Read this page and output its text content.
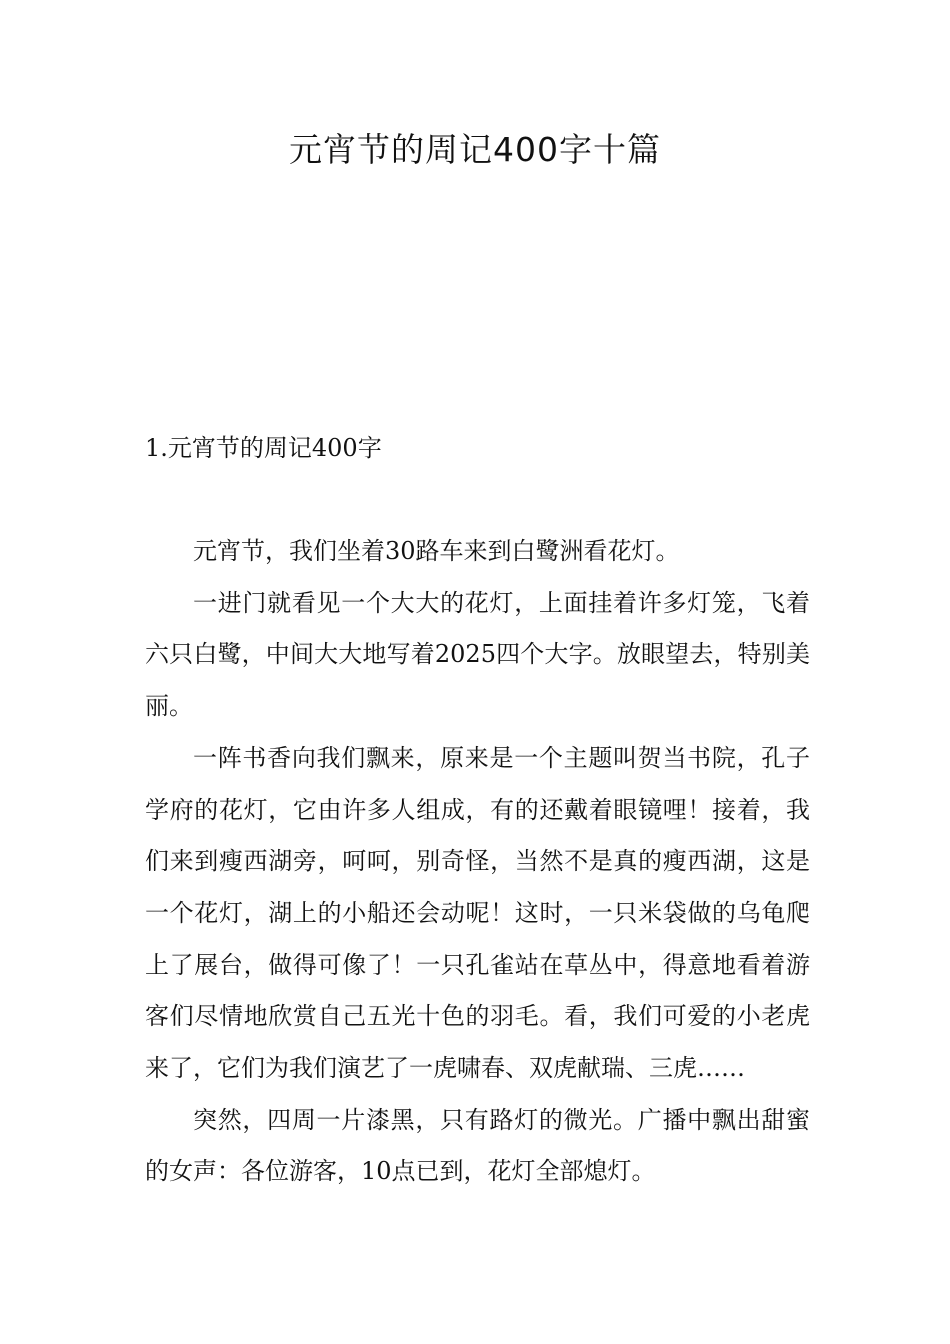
元宵节的周记400字十篇
1.元宵节的周记400字

元宵节，我们坐着30路车来到白鹭洲看花灯。

一进门就看见一个大大的花灯，上面挂着许多灯笼，飞着六只白鹭，中间大大地写着2025四个大字。放眼望去，特别美丽。

一阵书香向我们飘来，原来是一个主题叫贺当书院，孔子学府的花灯，它由许多人组成，有的还戴着眼镜哩！接着，我们来到瘦西湖旁，呵呵，别奇怪，当然不是真的瘦西湖，这是一个花灯，湖上的小船还会动呢！这时，一只米袋做的乌龟爬上了展台，做得可像了！一只孔雀站在草丛中，得意地看着游客们尽情地欣赏自己五光十色的羽毛。看，我们可爱的小老虎来了，它们为我们演艺了一虎啸春、双虎献瑞、三虎……

突然，四周一片漆黑，只有路灯的微光。广播中飘出甜蜜的女声：各位游客，10点已到，花灯全部熄灯。
